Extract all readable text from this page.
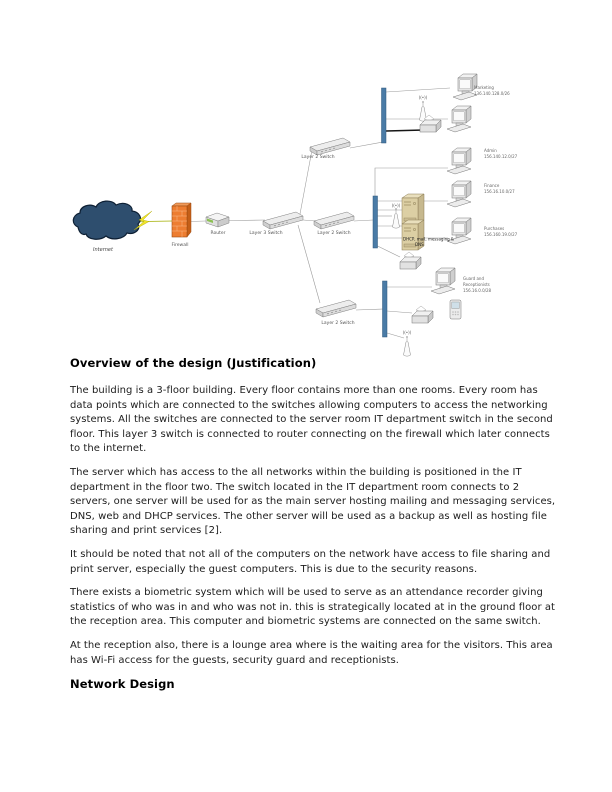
Internet
Firewall
Router	Layer 3 Switch
Layer 2 Switch
Layer 2 Switch
Layer 2 Switch
((•))
Marketing
136.140.128.0/26
Admin
156.140.12.0/27
Finance
156.16.10.0/27
Purchases
156.160.19.0/27
((•))
DHCP, mail, messaging &
DNS
Guard and
Receptionists
156.16.0.0/28
((•))
Overview of the design (Justification)

The building is a 3-floor building. Every floor contains more than one rooms. Every room has data points which are connected to the switches allowing computers to access the networking systems. All the switches are connected to the server room IT department switch in the second floor. This layer 3 switch is connected to router connecting on the firewall which later connects to the internet.

The server which has access to the all networks within the building is positioned in the IT department in the floor two. The switch located in the IT department room connects to 2 servers, one server will be used for as the main server hosting mailing and messaging services, DNS, web and DHCP services. The other server will be used as a backup as well as hosting file sharing and print services [2].

It should be noted that not all of the computers on the network have access to file sharing and print server, especially the guest computers. This is due to the security reasons.

There exists a biometric system which will be used to serve as an attendance recorder giving statistics of who was in and who was not in. this is strategically located at in the ground floor at the reception area. This computer and biometric systems are connected on the same switch.

At the reception also, there is a lounge area where is the waiting area for the visitors. This area has Wi-Fi access for the guests, security guard and receptionists.

Network Design
